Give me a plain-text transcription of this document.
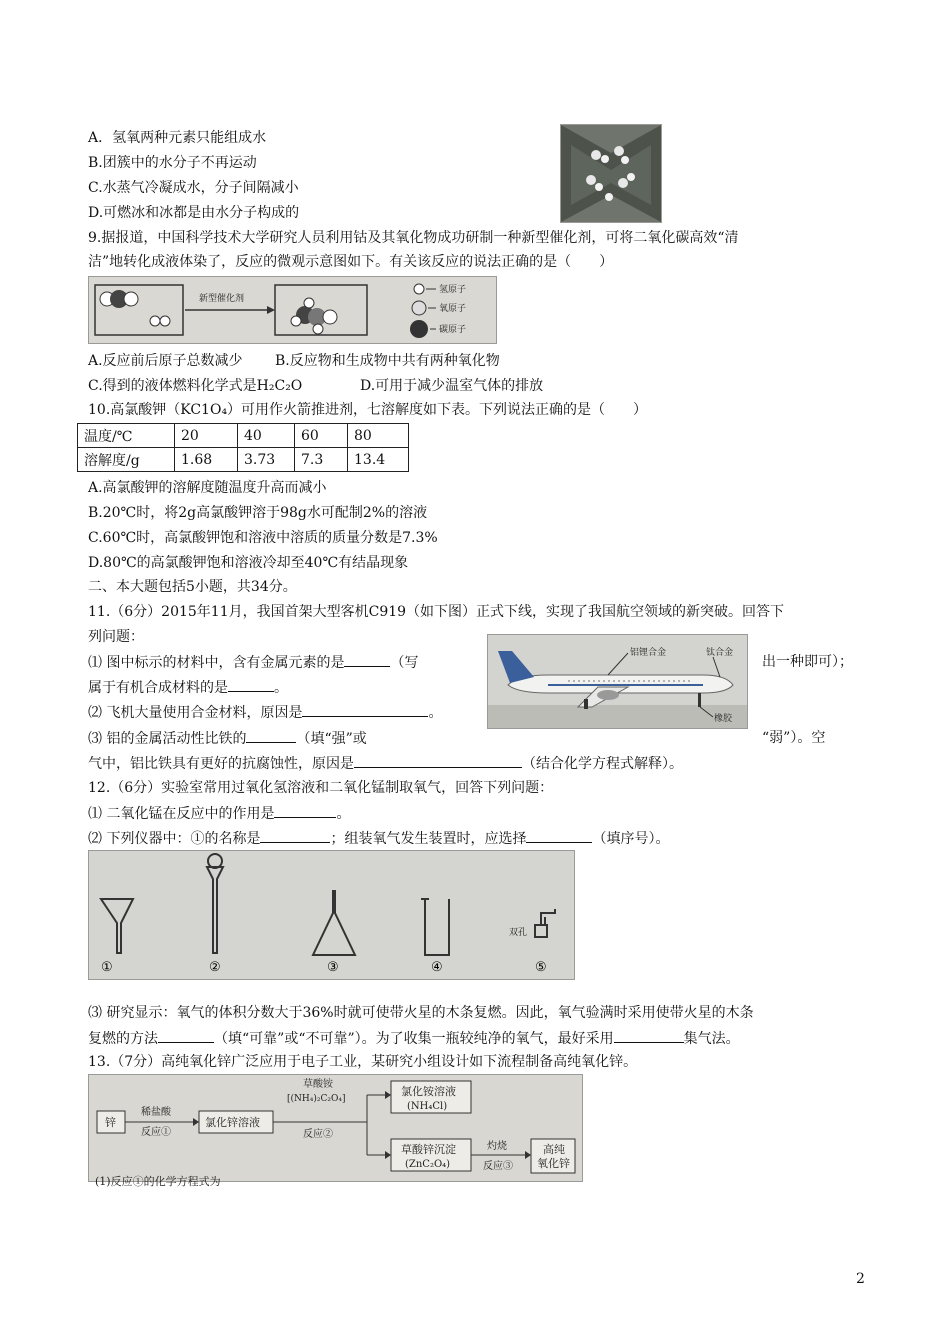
A．氢氧两种元素只能组成水
B.团簇中的水分子不再运动
C.水蒸气冷凝成水，分子间隔减小
D.可燃冰和冰都是由水分子构成的
9.据报道，中国科学技术大学研究人员利用钴及其氧化物成功研制一种新型催化剂，可将二氧化碳高效“清
洁”地转化成液体染了，反应的微观示意图如下。有关该反应的说法正确的是（　　）
新型催化剂
氢原子
氧原子
碳原子
A.反应前后原子总数减少　　 B.反应物和生成物中共有两种氧化物
C.得到的液体燃料化学式是H₂C₂O	D.可用于减少温室气体的排放
10.高氯酸钾（KC1O₄）可用作火箭推进剂，七溶解度如下表。下列说法正确的是（　　）
温度/℃	20	40	60	80
溶解度/g	1.68	3.73	7.3	13.4
A.高氯酸钾的溶解度随温度升高而减小
B.20℃时，将2g高氯酸钾溶于98g水可配制2%的溶液
C.60℃时，高氯酸钾饱和溶液中溶质的质量分数是7.3%
D.80℃的高氯酸钾饱和溶液冷却至40℃有结晶现象
二、本大题包括5小题，共34分。
11.（6分）2015年11月，我国首架大型客机C919（如下图）正式下线，实现了我国航空领域的新突破。回答下
列问题：
⑴ 图中标示的材料中，含有金属元素的是	（写	出一种即可）；
属于有机合成材料的是	。
⑵ 飞机大量使用合金材料，原因是	。
⑶ 铝的金属活动性比铁的	（填“强”或	“弱”）。空
气中，铝比铁具有更好的抗腐蚀性，原因是	（结合化学方程式解释）。
铝锂合金	钛合金
橡胶
12.（6分）实验室常用过氧化氢溶液和二氧化锰制取氧气，回答下列问题：
⑴ 二氧化锰在反应中的作用是	。
⑵ 下列仪器中：①的名称是	；组装氧气发生装置时，应选择	（填序号）。
双孔
①	②	③	④	⑤
⑶ 研究显示：氧气的体积分数大于36%时就可使带火星的木条复燃。因此，氧气验满时采用使带火星的木条
复燃的方法	（填“可靠”或“不可靠”）。为了收集一瓶较纯净的氧气，最好采用	集气法。
13.（7分）高纯氧化锌广泛应用于电子工业，某研究小组设计如下流程制备高纯氧化锌。
锌
稀盐酸
反应①
氯化锌溶液
草酸铵
[(NH₄)₂C₂O₄]
反应②
氯化铵溶液
(NH₄Cl)
草酸锌沉淀
(ZnC₂O₄)
灼烧
反应③
高纯
氧化锌
(1)反应①的化学方程式为
2
